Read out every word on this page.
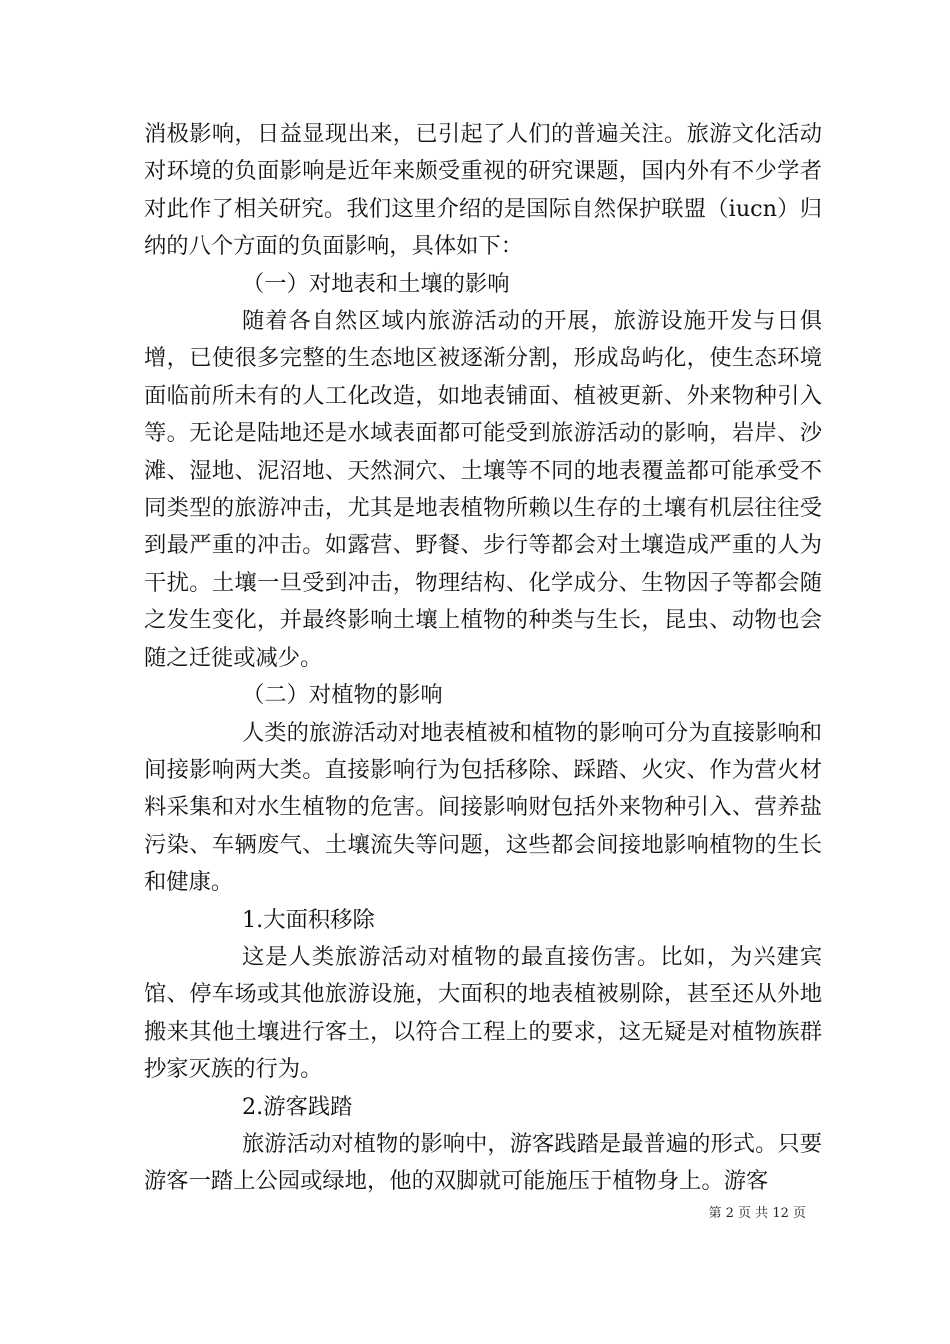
消极影响，日益显现出来，已引起了人们的普遍关注。旅游文化活动对环境的负面影响是近年来颇受重视的研究课题，国内外有不少学者对此作了相关研究。我们这里介绍的是国际自然保护联盟（iucn）归纳的八个方面的负面影响，具体如下：

（一）对地表和土壤的影响

随着各自然区域内旅游活动的开展，旅游设施开发与日俱增，已使很多完整的生态地区被逐渐分割，形成岛屿化，使生态环境面临前所未有的人工化改造，如地表铺面、植被更新、外来物种引入等。无论是陆地还是水域表面都可能受到旅游活动的影响，岩岸、沙滩、湿地、泥沼地、天然洞穴、土壤等不同的地表覆盖都可能承受不同类型的旅游冲击，尤其是地表植物所赖以生存的土壤有机层往往受到最严重的冲击。如露营、野餐、步行等都会对土壤造成严重的人为干扰。土壤一旦受到冲击，物理结构、化学成分、生物因子等都会随之发生变化，并最终影响土壤上植物的种类与生长，昆虫、动物也会随之迁徙或减少。

（二）对植物的影响

人类的旅游活动对地表植被和植物的影响可分为直接影响和间接影响两大类。直接影响行为包括移除、踩踏、火灾、作为营火材料采集和对水生植物的危害。间接影响财包括外来物种引入、营养盐污染、车辆废气、土壤流失等问题，这些都会间接地影响植物的生长和健康。

1.大面积移除

这是人类旅游活动对植物的最直接伤害。比如，为兴建宾馆、停车场或其他旅游设施，大面积的地表植被剔除，甚至还从外地搬来其他土壤进行客土，以符合工程上的要求，这无疑是对植物族群抄家灭族的行为。

2.游客践踏

旅游活动对植物的影响中，游客践踏是最普遍的形式。只要游客一踏上公园或绿地，他的双脚就可能施压于植物身上。游客

第 2 页 共 12 页
